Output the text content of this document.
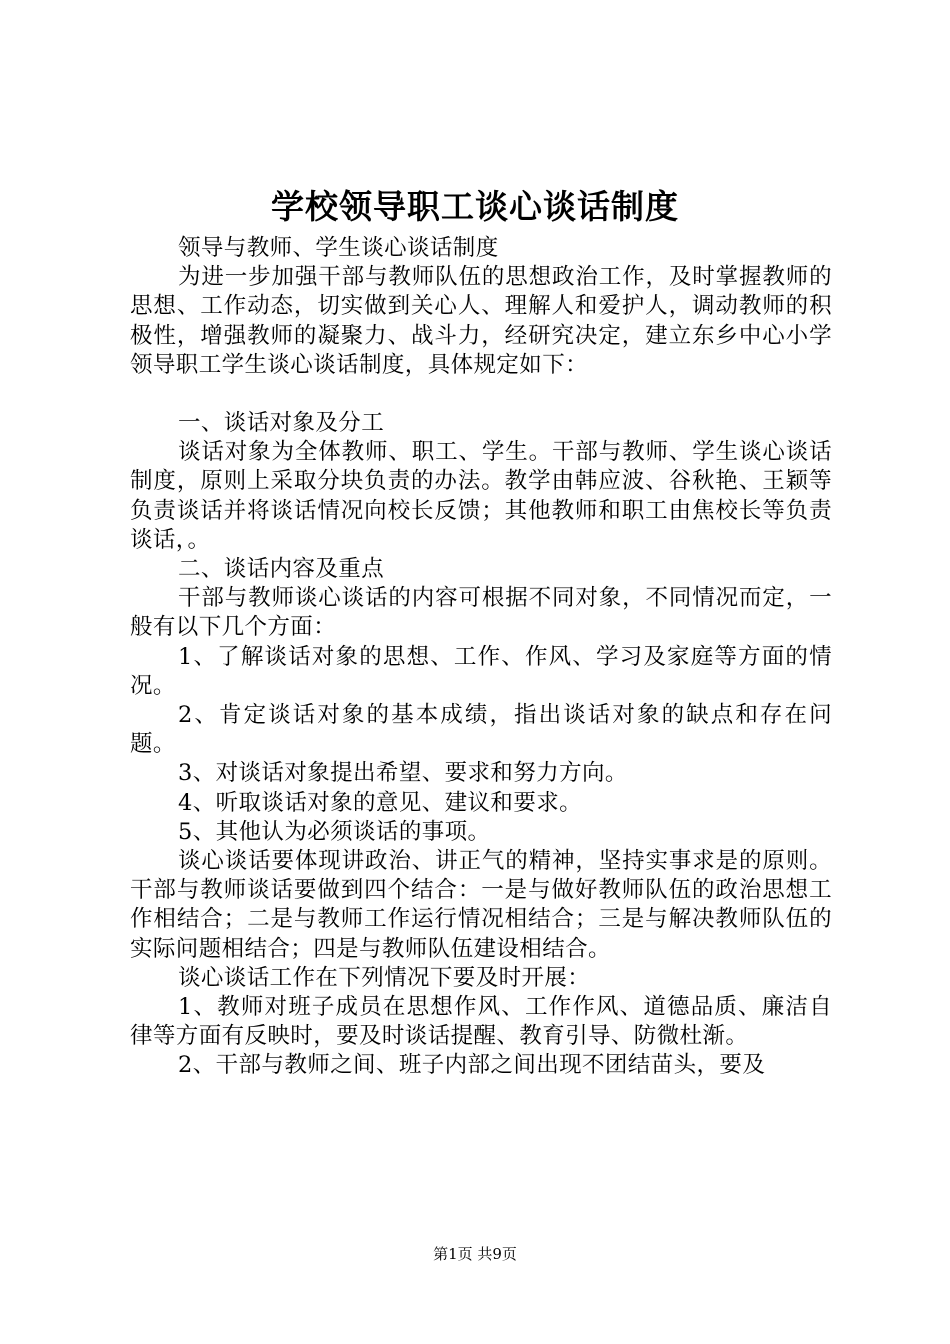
学校领导职工谈心谈话制度

领导与教师、学生谈心谈话制度

为进一步加强干部与教师队伍的思想政治工作，及时掌握教师的思想、工作动态，切实做到关心人、理解人和爱护人，调动教师的积极性，增强教师的凝聚力、战斗力，经研究决定，建立东乡中心小学领导职工学生谈心谈话制度，具体规定如下：

一、谈话对象及分工

谈话对象为全体教师、职工、学生。干部与教师、学生谈心谈话制度，原则上采取分块负责的办法。教学由韩应波、谷秋艳、王颖等负责谈话并将谈话情况向校长反馈；其他教师和职工由焦校长等负责谈话，。

二、谈话内容及重点

干部与教师谈心谈话的内容可根据不同对象，不同情况而定，一般有以下几个方面：

1、了解谈话对象的思想、工作、作风、学习及家庭等方面的情况。

2、肯定谈话对象的基本成绩，指出谈话对象的缺点和存在问题。

3、对谈话对象提出希望、要求和努力方向。

4、听取谈话对象的意见、建议和要求。

5、其他认为必须谈话的事项。

谈心谈话要体现讲政治、讲正气的精神，坚持实事求是的原则。干部与教师谈话要做到四个结合：一是与做好教师队伍的政治思想工作相结合；二是与教师工作运行情况相结合；三是与解决教师队伍的实际问题相结合；四是与教师队伍建设相结合。

谈心谈话工作在下列情况下要及时开展：

1、教师对班子成员在思想作风、工作作风、道德品质、廉洁自律等方面有反映时，要及时谈话提醒、教育引导、防微杜渐。

2、干部与教师之间、班子内部之间出现不团结苗头，要及

第1页 共9页
